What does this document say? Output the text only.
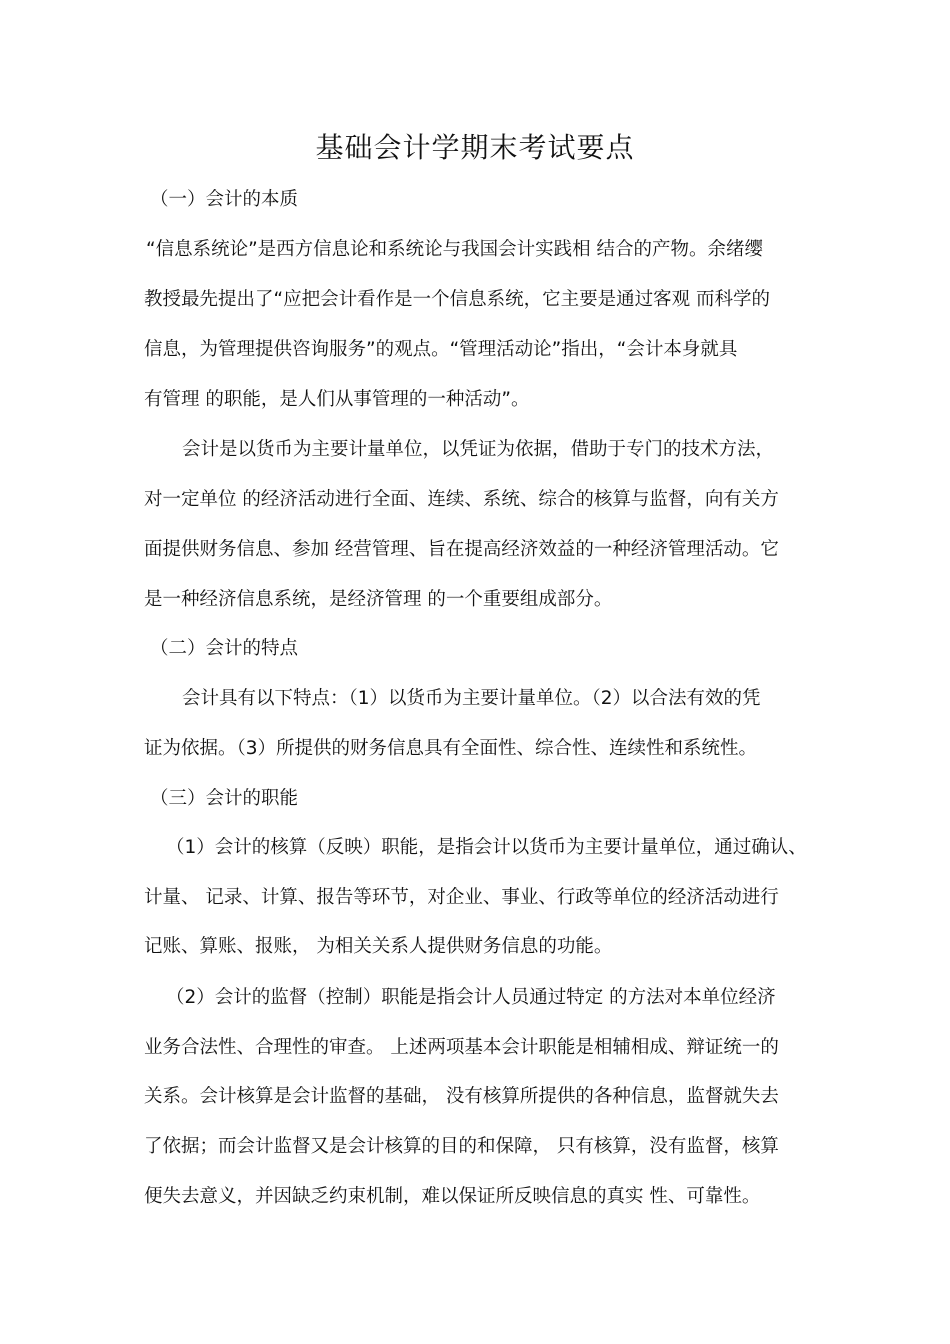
基础会计学期末考试要点
（一）会计的本质
“信息系统论”是西方信息论和系统论与我国会计实践相 结合的产物。余绪缨
教授最先提出了“应把会计看作是一个信息系统，它主要是通过客观 而科学的
信息，为管理提供咨询服务”的观点。“管理活动论”指出，“会计本身就具
有管理 的职能，是人们从事管理的一种活动”。
会计是以货币为主要计量单位，以凭证为依据，借助于专门的技术方法，
对一定单位 的经济活动进行全面、连续、系统、综合的核算与监督，向有关方
面提供财务信息、参加 经营管理、旨在提高经济效益的一种经济管理活动。它
是一种经济信息系统，是经济管理 的一个重要组成部分。
（二）会计的特点
会计具有以下特点：（1）以货币为主要计量单位。（2）以合法有效的凭
证为依据。（3）所提供的财务信息具有全面性、综合性、连续性和系统性。
（三）会计的职能
（1）会计的核算（反映）职能，是指会计以货币为主要计量单位，通过确认、
计量、 记录、计算、报告等环节，对企业、事业、行政等单位的经济活动进行
记账、算账、报账， 为相关关系人提供财务信息的功能。
（2）会计的监督（控制）职能是指会计人员通过特定 的方法对本单位经济
业务合法性、合理性的审查。 上述两项基本会计职能是相辅相成、辩证统一的
关系。会计核算是会计监督的基础， 没有核算所提供的各种信息，监督就失去
了依据；而会计监督又是会计核算的目的和保障， 只有核算，没有监督，核算
便失去意义，并因缺乏约束机制，难以保证所反映信息的真实 性、可靠性。
